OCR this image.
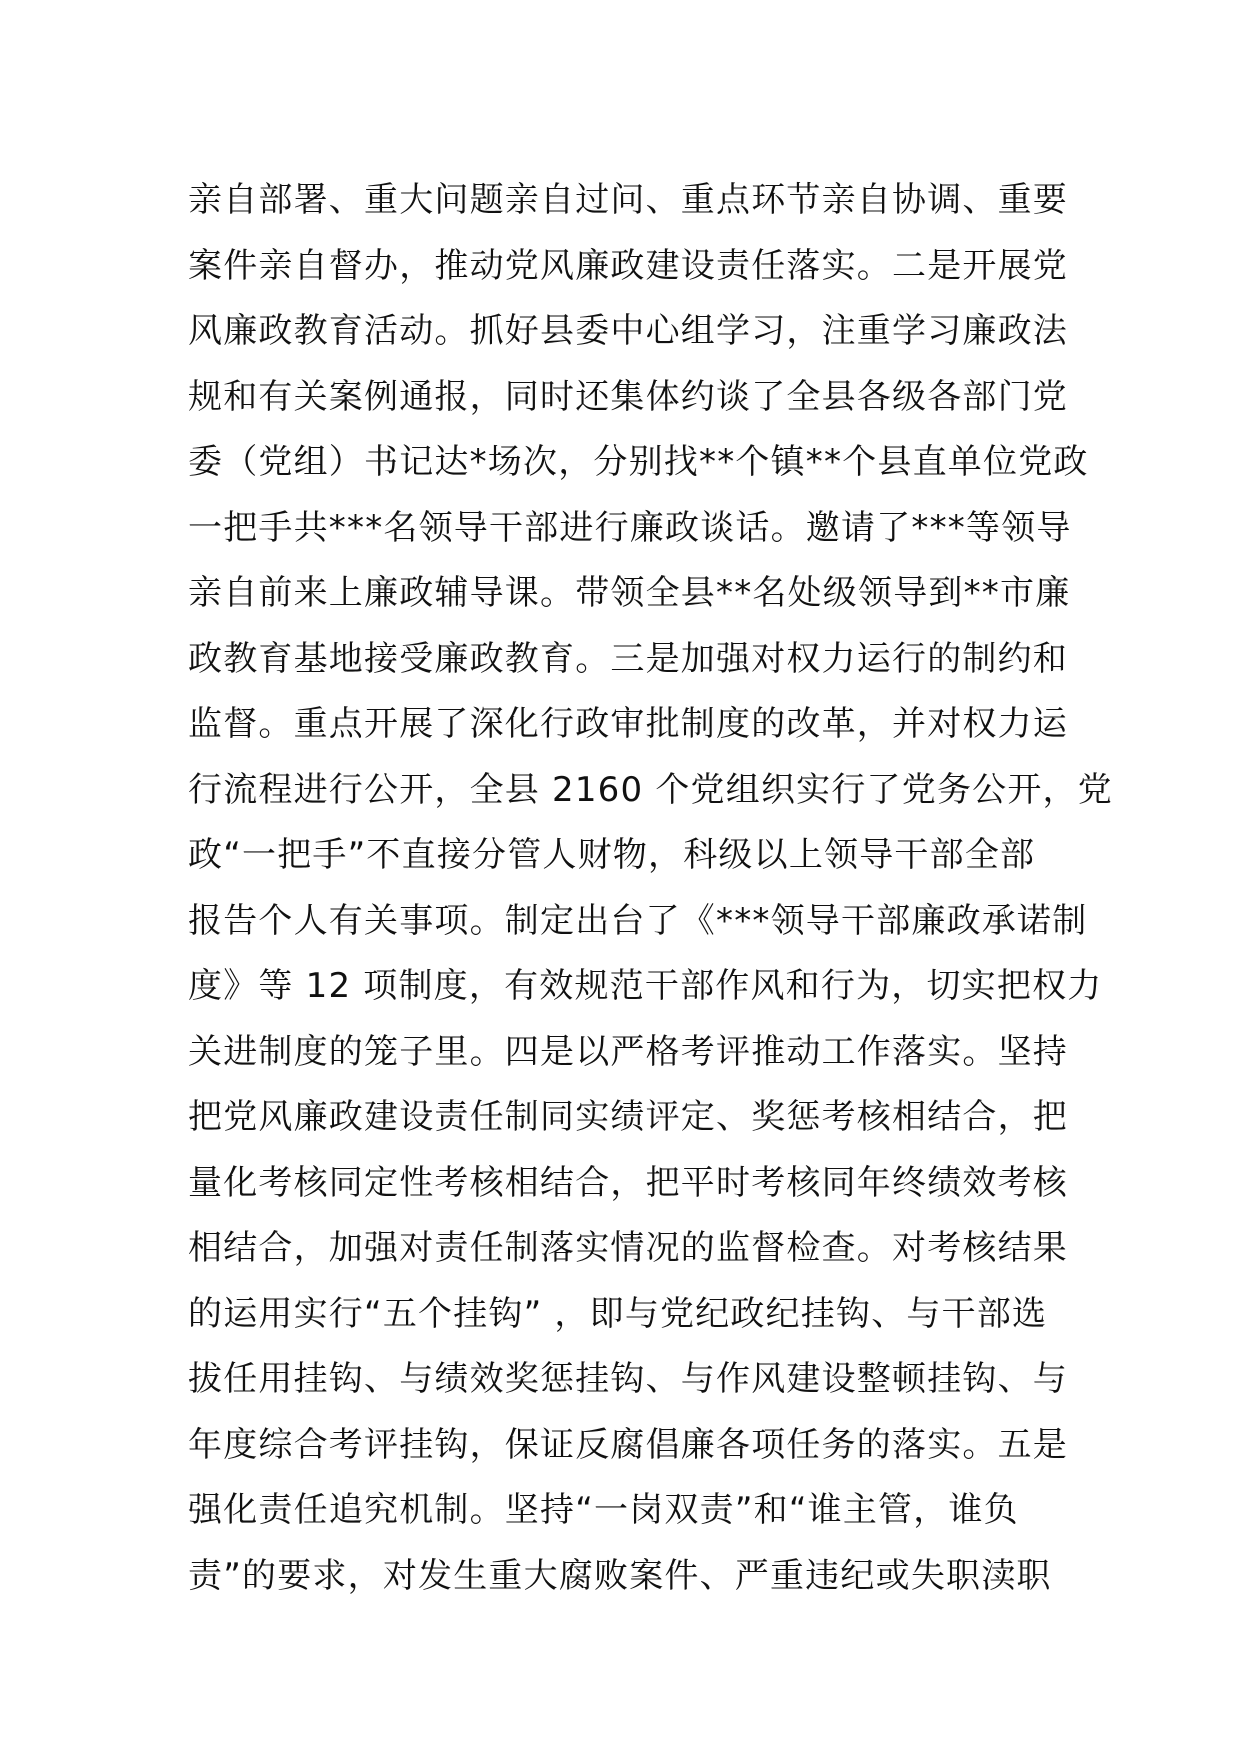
亲自部署、重大问题亲自过问、重点环节亲自协调、重要
案件亲自督办，推动党风廉政建设责任落实。二是开展党
风廉政教育活动。抓好县委中心组学习，注重学习廉政法
规和有关案例通报，同时还集体约谈了全县各级各部门党
委（党组）书记达*场次，分别找**个镇**个县直单位党政
一把手共***名领导干部进行廉政谈话。邀请了***等领导
亲自前来上廉政辅导课。带领全县**名处级领导到**市廉
政教育基地接受廉政教育。三是加强对权力运行的制约和
监督。重点开展了深化行政审批制度的改革，并对权力运
行流程进行公开，全县 2160 个党组织实行了党务公开，党
政“一把手”不直接分管人财物，科级以上领导干部全部
报告个人有关事项。制定出台了《***领导干部廉政承诺制
度》等 12 项制度，有效规范干部作风和行为，切实把权力
关进制度的笼子里。四是以严格考评推动工作落实。坚持
把党风廉政建设责任制同实绩评定、奖惩考核相结合，把
量化考核同定性考核相结合，把平时考核同年终绩效考核
相结合，加强对责任制落实情况的监督检查。对考核结果
的运用实行“五个挂钩” ，即与党纪政纪挂钩、与干部选
拔任用挂钩、与绩效奖惩挂钩、与作风建设整顿挂钩、与
年度综合考评挂钩，保证反腐倡廉各项任务的落实。五是
强化责任追究机制。坚持“一岗双责”和“谁主管，谁负
责”的要求，对发生重大腐败案件、严重违纪或失职渎职
